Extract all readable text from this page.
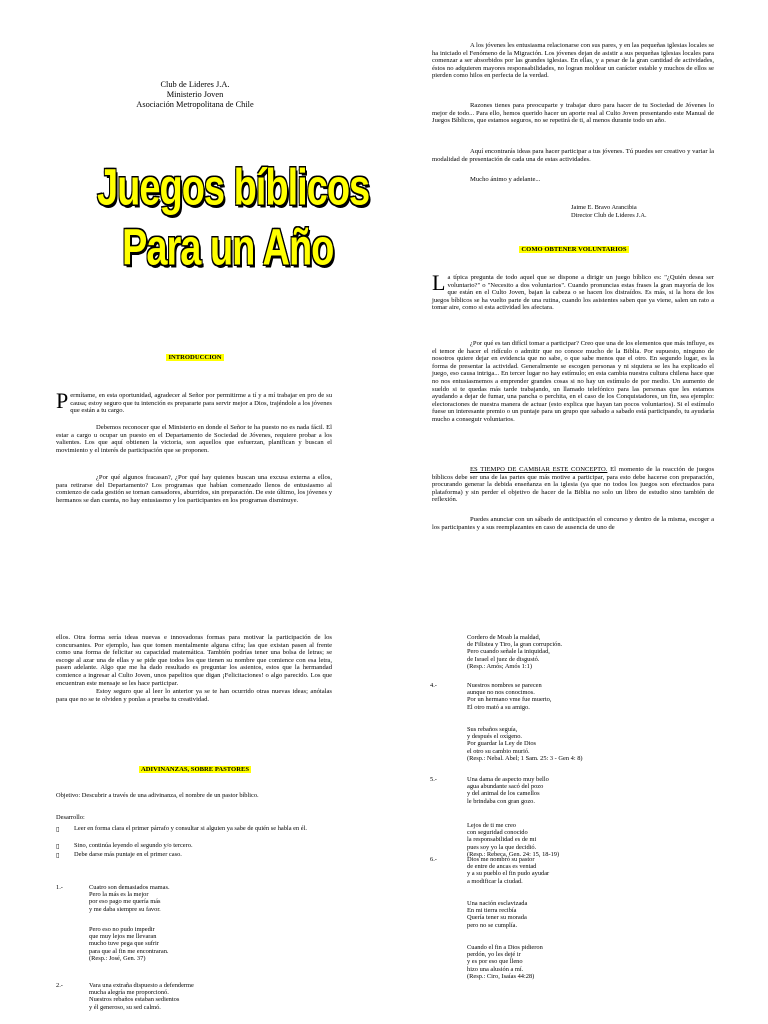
Club de Lideres J.A.
Ministerio Joven
Asociación Metropolitana de Chile
Juegos bíblicos
Para un Año
INTRODUCCION
P ermítame, en esta oportunidad, agradecer al Señor por permitirme a tí y a mí trabajar en pro de su causa; estoy seguro que tu intención es prepararte para servir mejor a Dios, trajéndole a los jóvenes que están a tu cargo.
Debemos reconocer que el Ministerio en donde el Señor te ha puesto no es nada fácil. El estar a cargo u ocupar un puesto en el Departamento de Sociedad de Jóvenes, requiere probar a los valientes. Los que aquí obtienen la victoria, son aquellos que esfuerzan, planifican y buscan el movimiento y el interés de participación que se proponen.
¿Por qué algunos fracasan?, ¿Por qué hay quienes buscan una excusa externa a ellos, para retirarse del Departamento? Los programas que habían comenzado llenos de entusiasmo al comienzo de cada gestión se tornan cansadores, aburridos, sin preparación. De este último, los jóvenes y hermanos se dan cuenta, no hay entusiasmo y los participantes en los programas disminuye.
A los jóvenes les entusiasma relacionarse con sus pares, y en las pequeñas iglesias locales se ha iniciado el Fenómeno de la Migración. Los jóvenes dejan de asistir a sus pequeñas iglesias locales para comenzar a ser absorbidos por las grandes iglesias. En ellas, y a pesar de la gran cantidad de actividades, éstos no adquieren mayores responsabilidades, no logran moldear un carácter estable y muchos de ellos se pierden como hilos en perfecta de la verdad.
Razones tienes para preocuparte y trabajar duro para hacer de tu Sociedad de Jóvenes lo mejor de todo... Para ello, hemos querido hacer un aporte real al Culto Joven presentando este Manual de Juegos Bíblicos, que estamos seguros, no se repetirá de ti, al menos durante todo un año.
Aquí encontrarás ideas para hacer participar a tus jóvenes. Tú puedes ser creativo y variar la modalidad de presentación de cada una de estas actividades.
Mucho ánimo y adelante...
Jaime E. Bravo Arancibia
Director Club de Lideres J.A.
COMO OBTENER VOLUNTARIOS
L a típica pregunta de todo aquel que se dispone a dirigir un juego bíblico es: "¿Quién desea ser voluntario?" o "Necesito a dos voluntarios". Cuando pronuncias estas frases la gran mayoría de los que están en el Culto Joven, bajan la cabeza o se hacen los distraídos. Es más, si la hora de los juegos bíblicos se ha vuelto parte de una rutina, cuando los asistentes saben que ya viene, salen un rato a tomar aire, como si esta actividad les afectara.
¿Por qué es tan difícil tomar a participar? Creo que una de los elementos que más influye, es el temor de hacer el ridículo o admitir que no conoce mucho de la Biblia. Por supuesto, ninguno de nosotros quiere dejar en evidencia que no sabe, o que sabe menos que el otro. En segundo lugar, es la forma de presentar la actividad. Generalmente se escogen personas y ni siquiera se les ha explicado el juego, eso causa intriga... En tercer lugar no hay estímulo; en esta cambia nuestra cultura chilena hace que no nos entusiasmemos a emprender grandes cosas si no hay un estímulo de por medio. Un aumento de sueldo si te quedas más tarde trabajando, un llamado telefónico para las personas que les estamos ayudando a dejar de fumar, una pancha o perchita, en el caso de los Conquistadores, un fin, sea ejemplo: electoraciones de nuestra manera de actuar (esto explica que hayan tan pocos voluntarios). Si el estímulo fuese un interesante premio o un puntaje para un grupo que sabado a sabado está participando, tu ayudaría mucho a conseguir voluntarios.
ES TIEMPO DE CAMBIAR ESTE CONCEPTO. El momento de la reacción de juegos bíblicos debe ser una de las partes que más motive a participar, para esto debe hacerse con preparación, procurando generar la debida enseñanza en la iglesia (ya que no todos los juegos son efectuados para plataforma) y sin perder el objetivo de hacer de la Biblia no solo un libro de estudio sino también de reflexión.
Puedes anunciar con un sábado de anticipación el concurso y dentro de la misma, escoger a los participantes y a sus reemplazantes en caso de ausencia de uno de
ellos. Otra forma sería ideas nuevas e innovadoras formas para motivar la participación de los concursantes. Por ejemplo, has que tomen mentalmente alguna cifra; las que existan pasen al frente como una forma de felicitar su capacidad matemática. También podrías tener una bolsa de letras; se escoge al azar una de ellas y se pide que todos los que tienen su nombre que comience con esa letra, pasen adelante. Algo que me ha dado resultado es preguntar los asientos, estos que la hermandad comience a ingresar al Culto Joven, unos papelitos que digan ¡Felicitaciones! o algo parecido. Los que encuentran este mensaje se les hace participar.
Estoy seguro que al leer lo anterior ya se te han ocurrido otras nuevas ideas; anótalas para que no se te olviden y ponlas a prueba tu creatividad.
ADIVINANZAS, SOBRE PASTORES
Objetivo: Descubrir a través de una adivinanza, el nombre de un pastor bíblico.
Desarrollo:
▯ Leer en forma clara el primer párrafo y consultar si alguien ya sabe de quién se habla en él.
▯ Sino, continúa leyendo el segundo y/o tercero.
▯ Debe darse más puntaje en el primer caso.
1.-	Cuatro son demasiados mamas.
Pero la más es la mejor
por eso pago me quería más
y me daba siempre su favor.
Pero eso no pudo impedir
que muy lejos me llevaran
mucho tuve pega que sufrir
para que al fin me encontraran.
(Resp.: José, Gen. 37)
2.-	Vara una extraña dispuesto a defenderme
mucha alegría me proporcionó.
Nuestros rebaños estaban sedientos
y él generoso, su sed calmó.
Cordero de Moab la maldad,
de Filistea y Tiro, la gran corrupción.
Pero cuando señale la iniquidad,
de Israel el juez de disgustó.
(Resp.: Amós; Amós 1:1)
4.-	Nuestros nombres se parecen
aunque no nos conocimos.
Por un hermano vme fue muerto,
El otro mató a su amigo.
Sus rebaños seguía,
y después el oxígeno.
Por guardar la Ley de Dios
el otro su cambio murió.
(Resp.: Nebal. Abel; 1 Sam. 25: 3 - Gen 4: 8)
5.-	Una dama de aspecto muy bello
agua abundante sacó del pozo
y del animal de los camellos
le brindaba con gran gozo.
Lejos de ti me creo
con seguridad conocido
la responsabilidad es de mi
pues soy yo la que decidió.
(Resp.: Rebeca, Gen. 24: 15, 18-19)
6.-	Dios me nombró su pastor
de entre de ancas es ventad
y a su pueblo el fin pudo ayudar
a modificar la ciudad.
Una nación esclavizada
En mi tierra recibía
Quería tener su morada
pero no se cumplía.
Cuando el fin a Dios pidieron
perdón, yo les dejé ir
y es por eso que lleno
hizo una alusión a mí.
(Resp.: Ciro, Isaías 44:28)
